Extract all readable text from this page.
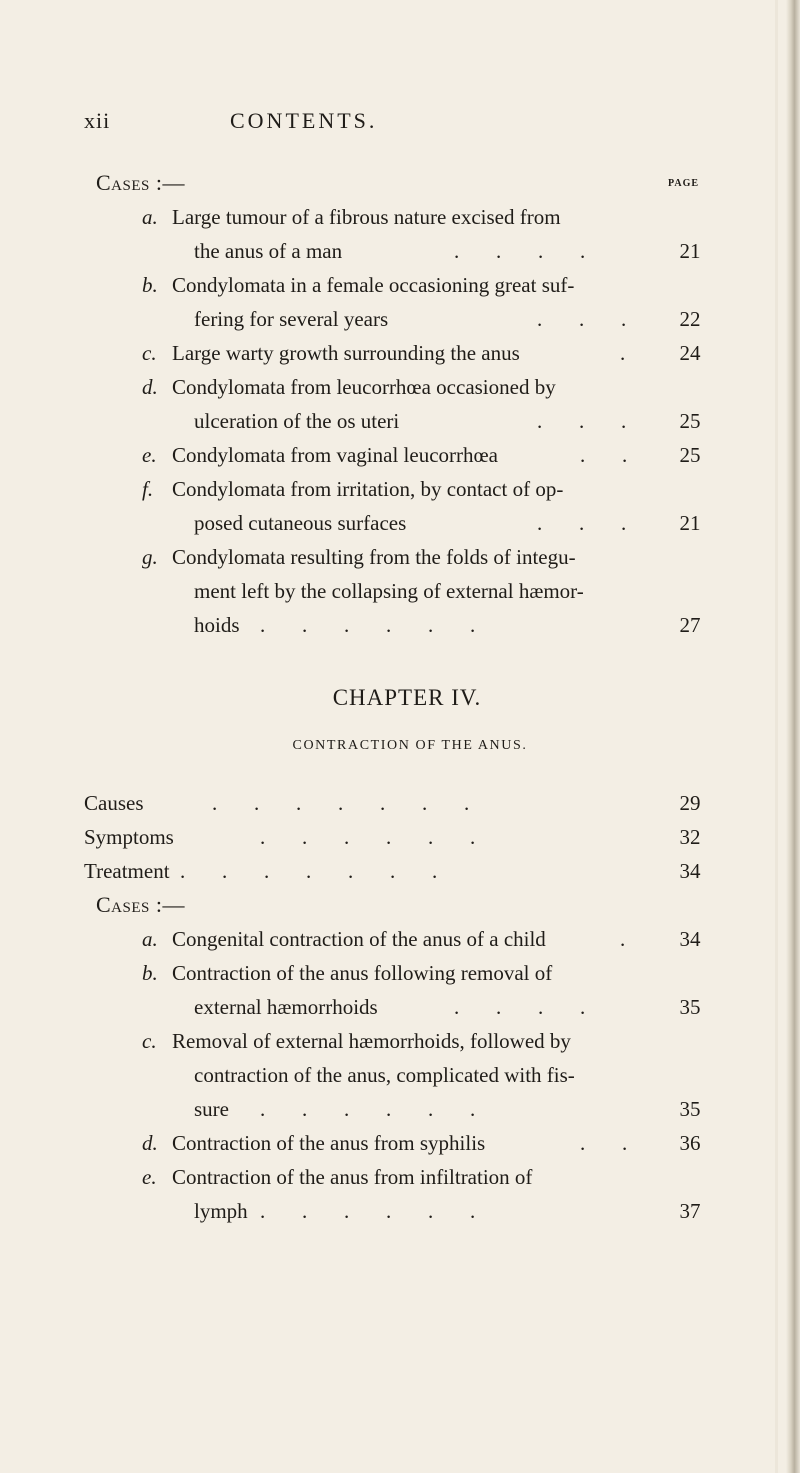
xii	CONTENTS.
PAGE
Cases :—
a. Large tumour of a fibrous nature excised from
the anus of a man	.       .       .       .	21
b. Condylomata in a female occasioning great suf-
fering for several years	.       .       .	22
c. Large warty growth surrounding the anus	.	24
d. Condylomata from leucorrhœa occasioned by
ulceration of the os uteri	.       .       .	25
e. Condylomata from vaginal leucorrhœa	.       .	25
f. Condylomata from irritation, by contact of op-
posed cutaneous surfaces	.       .       .	21
g. Condylomata resulting from the folds of integu-
ment left by the collapsing of external hæmor-
hoids .       .       .       .       .       .	27
CHAPTER IV.
CONTRACTION OF THE ANUS.
Causes	.       .       .       .       .       .       .	29
Symptoms	.       .       .       .       .       .	32
Treatment .       .       .       .       .       .       .	34
Cases :—
a. Congenital contraction of the anus of a child	.	34
b. Contraction of the anus following removal of
external hæmorrhoids	.       .       .       .	35
c. Removal of external hæmorrhoids, followed by
contraction of the anus, complicated with fis-
sure .       .       .       .       .       .	35
d. Contraction of the anus from syphilis	.       .	36
e. Contraction of the anus from infiltration of
lymph .       .       .       .       .       .	37
